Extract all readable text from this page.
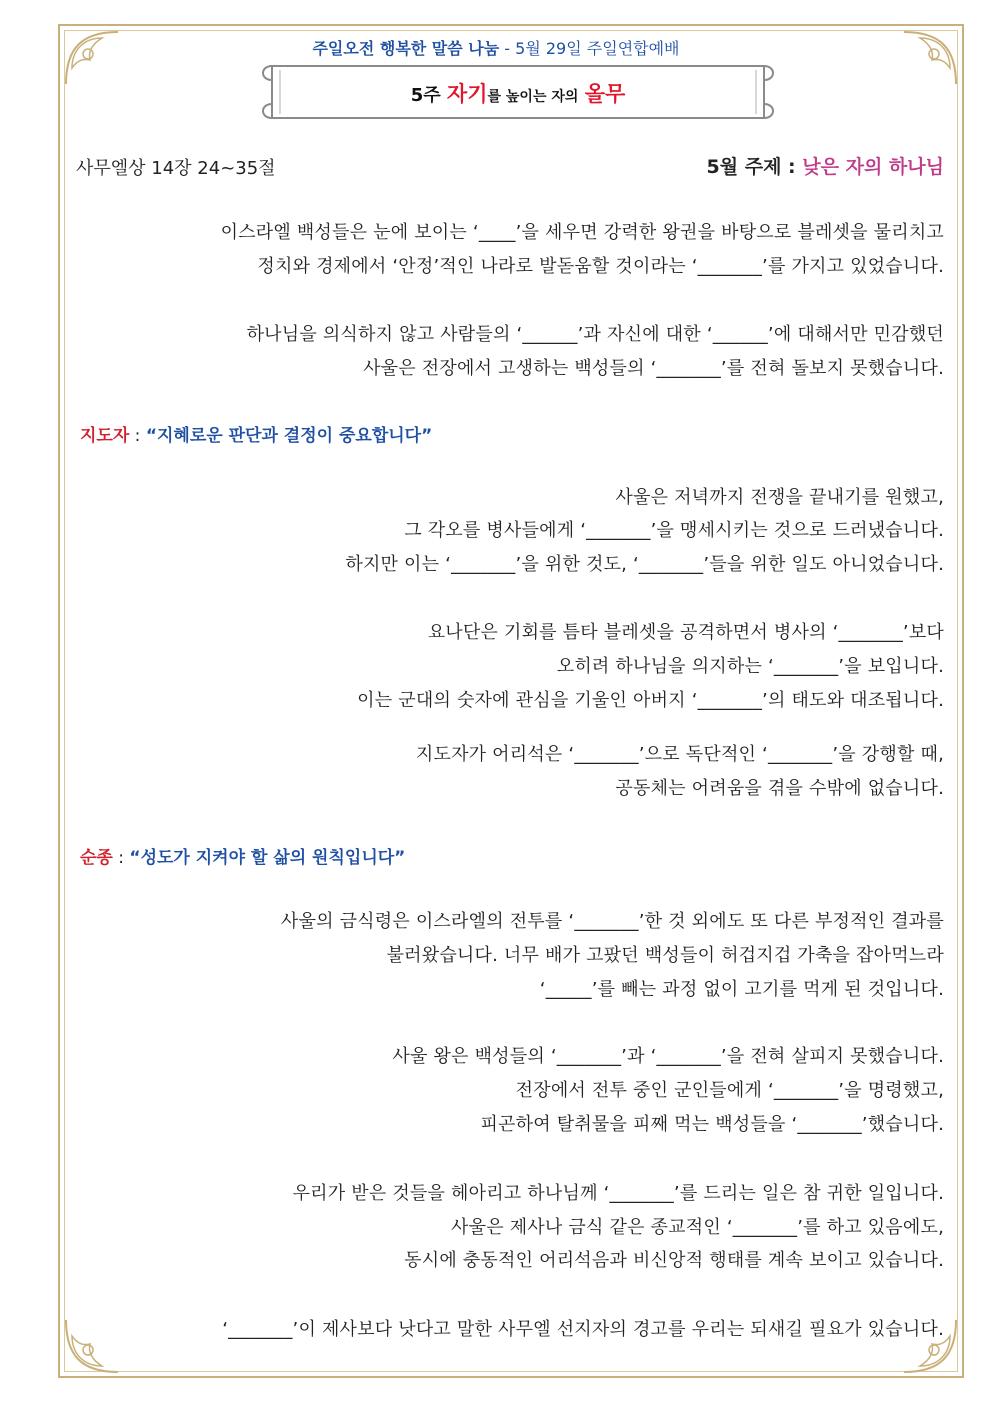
주일오전 행복한 말씀 나눔 - 5월 29일 주일연합예배
5주 자기를 높이는 자의 올무
사무엘상 14장 24~35절	5월 주제 : 낮은 자의 하나님
이스라엘 백성들은 눈에 보이는 ‘____’을 세우면 강력한 왕권을 바탕으로 블레셋을 물리치고
정치와 경제에서 ‘안정’적인 나라로 발돋움할 것이라는 ‘_______’를 가지고 있었습니다.
하나님을 의식하지 않고 사람들의 ‘______’과 자신에 대한 ‘______’에 대해서만 민감했던
사울은 전장에서 고생하는 백성들의 ‘_______’를 전혀 돌보지 못했습니다.
지도자 : “지혜로운 판단과 결정이 중요합니다”
사울은 저녁까지 전쟁을 끝내기를 원했고,
그 각오를 병사들에게 ‘_______’을 맹세시키는 것으로 드러냈습니다.
하지만 이는 ‘_______’을 위한 것도, ‘_______’들을 위한 일도 아니었습니다.
요나단은 기회를 틈타 블레셋을 공격하면서 병사의 ‘_______’보다
오히려 하나님을 의지하는 ‘_______’을 보입니다.
이는 군대의 숫자에 관심을 기울인 아버지 ‘_______’의 태도와 대조됩니다.
지도자가 어리석은 ‘_______’으로 독단적인 ‘_______’을 강행할 때,
공동체는 어려움을 겪을 수밖에 없습니다.
순종 : “성도가 지켜야 할 삶의 원칙입니다”
사울의 금식령은 이스라엘의 전투를 ‘_______’한 것 외에도 또 다른 부정적인 결과를
불러왔습니다. 너무 배가 고팠던 백성들이 허겁지겁 가축을 잡아먹느라
‘_____’를 빼는 과정 없이 고기를 먹게 된 것입니다.
사울 왕은 백성들의 ‘_______’과 ‘_______’을 전혀 살피지 못했습니다.
전장에서 전투 중인 군인들에게 ‘_______’을 명령했고,
피곤하여 탈취물을 피째 먹는 백성들을 ‘_______’했습니다.
우리가 받은 것들을 헤아리고 하나님께 ‘_______’를 드리는 일은 참 귀한 일입니다.
사울은 제사나 금식 같은 종교적인 ‘_______’를 하고 있음에도,
동시에 충동적인 어리석음과 비신앙적 행태를 계속 보이고 있습니다.
‘_______’이 제사보다 낫다고 말한 사무엘 선지자의 경고를 우리는 되새길 필요가 있습니다.
